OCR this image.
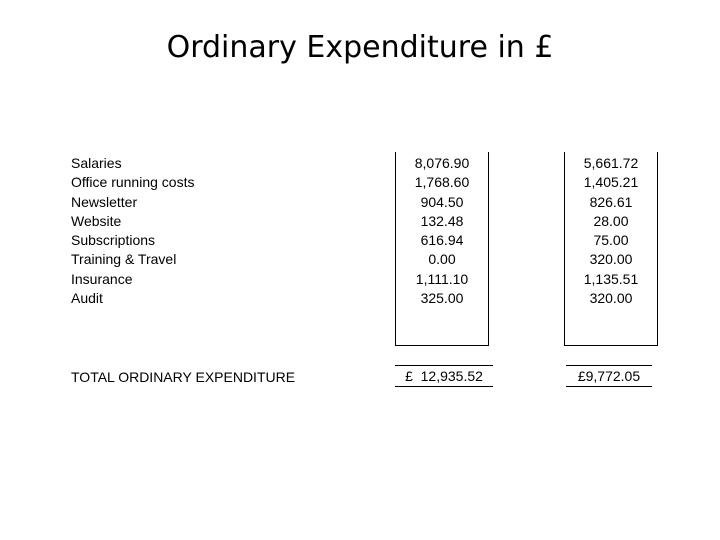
Ordinary Expenditure in £
Salaries
Office running costs
Newsletter
Website
Subscriptions
Training & Travel
Insurance
Audit
8,076.90
1,768.60
904.50
132.48
616.94
0.00
1,111.10
325.00
5,661.72
1,405.21
826.61
28.00
75.00
320.00
1,135.51
320.00
TOTAL ORDINARY EXPENDITURE	£  12,935.52	£9,772.05
